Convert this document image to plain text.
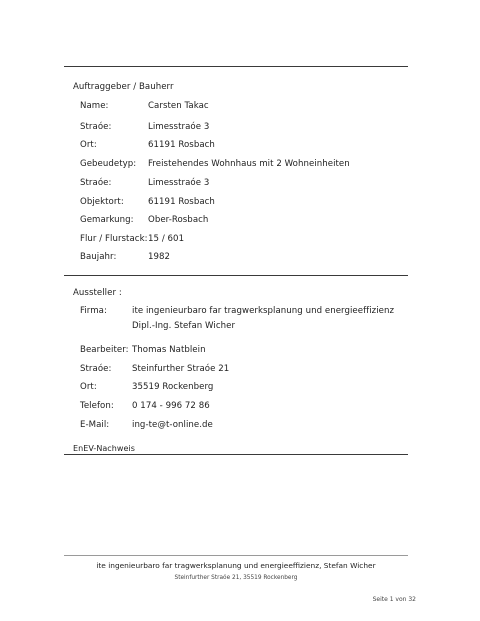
Auftraggeber / Bauherr
Name:	Carsten Takac
Straóe:	Limesstraóe 3
Ort:	61191 Rosbach
Gebeudetyp: Freistehendes Wohnhaus mit 2 Wohneinheiten
Straóe:	Limesstraóe 3
Objektort:	61191 Rosbach
Gemarkung: Ober-Rosbach
Flur / Flurstack: 15 / 601
Baujahr:	1982
Aussteller :
Firma:	ite ingenieurbaro far tragwerksplanung und energieeffizienz
Dipl.-Ing. Stefan Wicher
Bearbeiter: Thomas Natblein
Straóe: Steinfurther Straóe 21
Ort:	35519 Rockenberg
Telefon: 0 174 - 996 72 86
E-Mail:	ing-te@t-online.de
EnEV-Nachweis
ite ingenieurbaro far tragwerksplanung und energieeffizienz, Stefan Wicher
Steinfurther Straóe 21, 35519 Rockenberg
Seite 1 von 32
